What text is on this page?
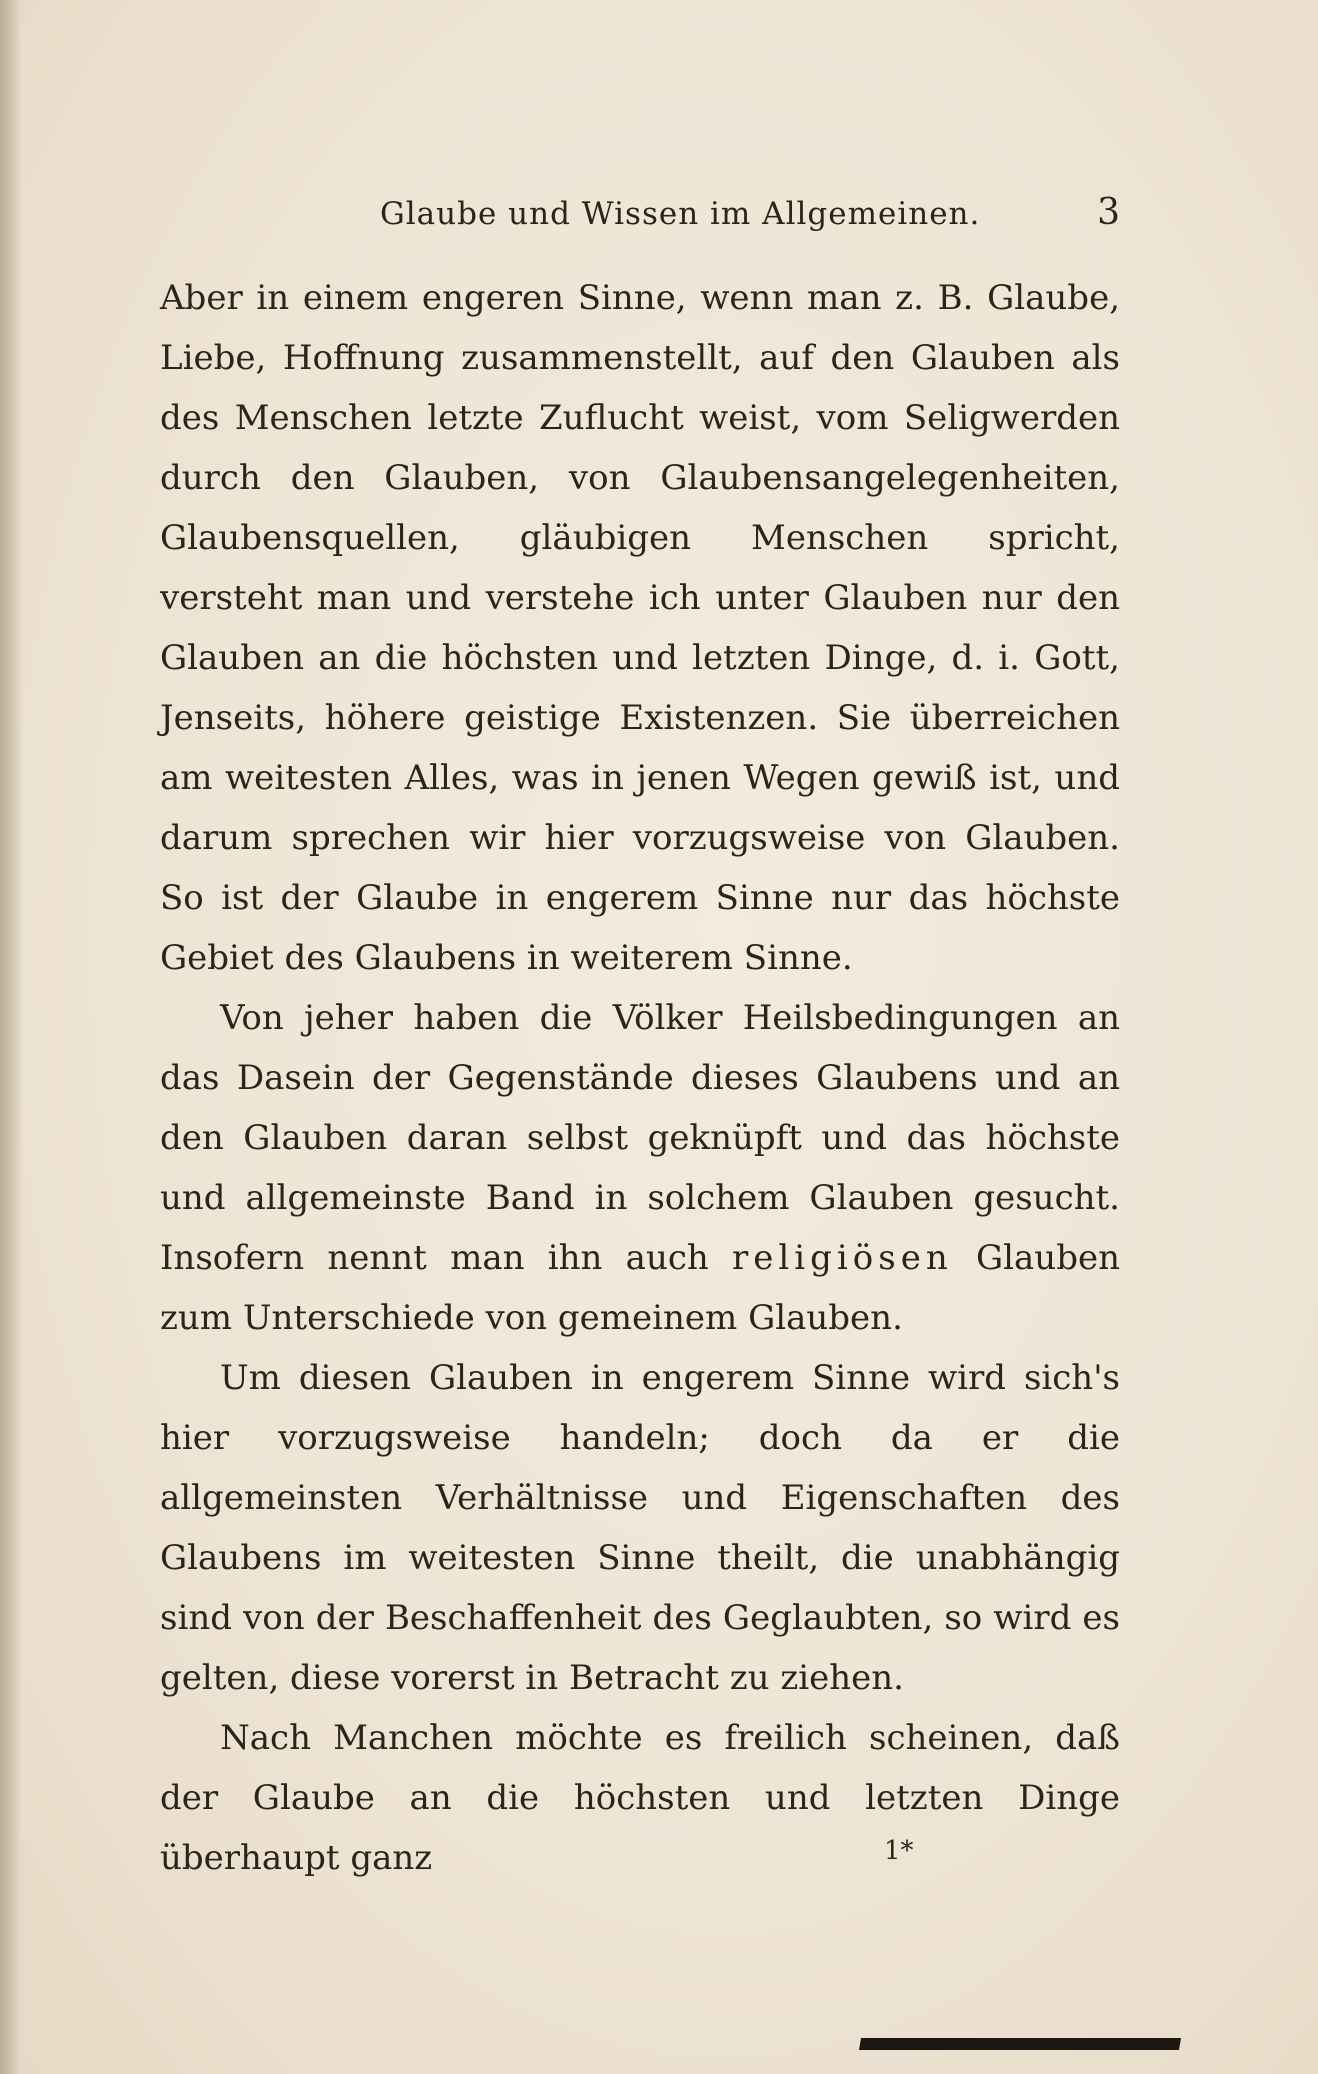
Glaube und Wissen im Allgemeinen.	3

Aber in einem engeren Sinne, wenn man z. B. Glaube, Liebe, Hoffnung zusammenstellt, auf den Glauben als des Menschen letzte Zuflucht weist, vom Seligwerden durch den Glauben, von Glaubensangelegenheiten, Glaubensquellen, gläubigen Menschen spricht, versteht man und verstehe ich unter Glauben nur den Glauben an die höchsten und letzten Dinge, d. i. Gott, Jenseits, höhere geistige Existenzen. Sie überreichen am weitesten Alles, was in jenen Wegen gewiß ist, und darum sprechen wir hier vorzugsweise von Glauben. So ist der Glaube in engerem Sinne nur das höchste Gebiet des Glaubens in weiterem Sinne.

Von jeher haben die Völker Heilsbedingungen an das Dasein der Gegenstände dieses Glaubens und an den Glauben daran selbst geknüpft und das höchste und allgemeinste Band in solchem Glauben gesucht. Insofern nennt man ihn auch religiösen Glauben zum Unterschiede von gemeinem Glauben.

Um diesen Glauben in engerem Sinne wird sich's hier vorzugsweise handeln; doch da er die allgemeinsten Verhältnisse und Eigenschaften des Glaubens im weitesten Sinne theilt, die unabhängig sind von der Beschaffenheit des Geglaubten, so wird es gelten, diese vorerst in Betracht zu ziehen.

Nach Manchen möchte es freilich scheinen, daß der Glaube an die höchsten und letzten Dinge überhaupt ganz	1*
